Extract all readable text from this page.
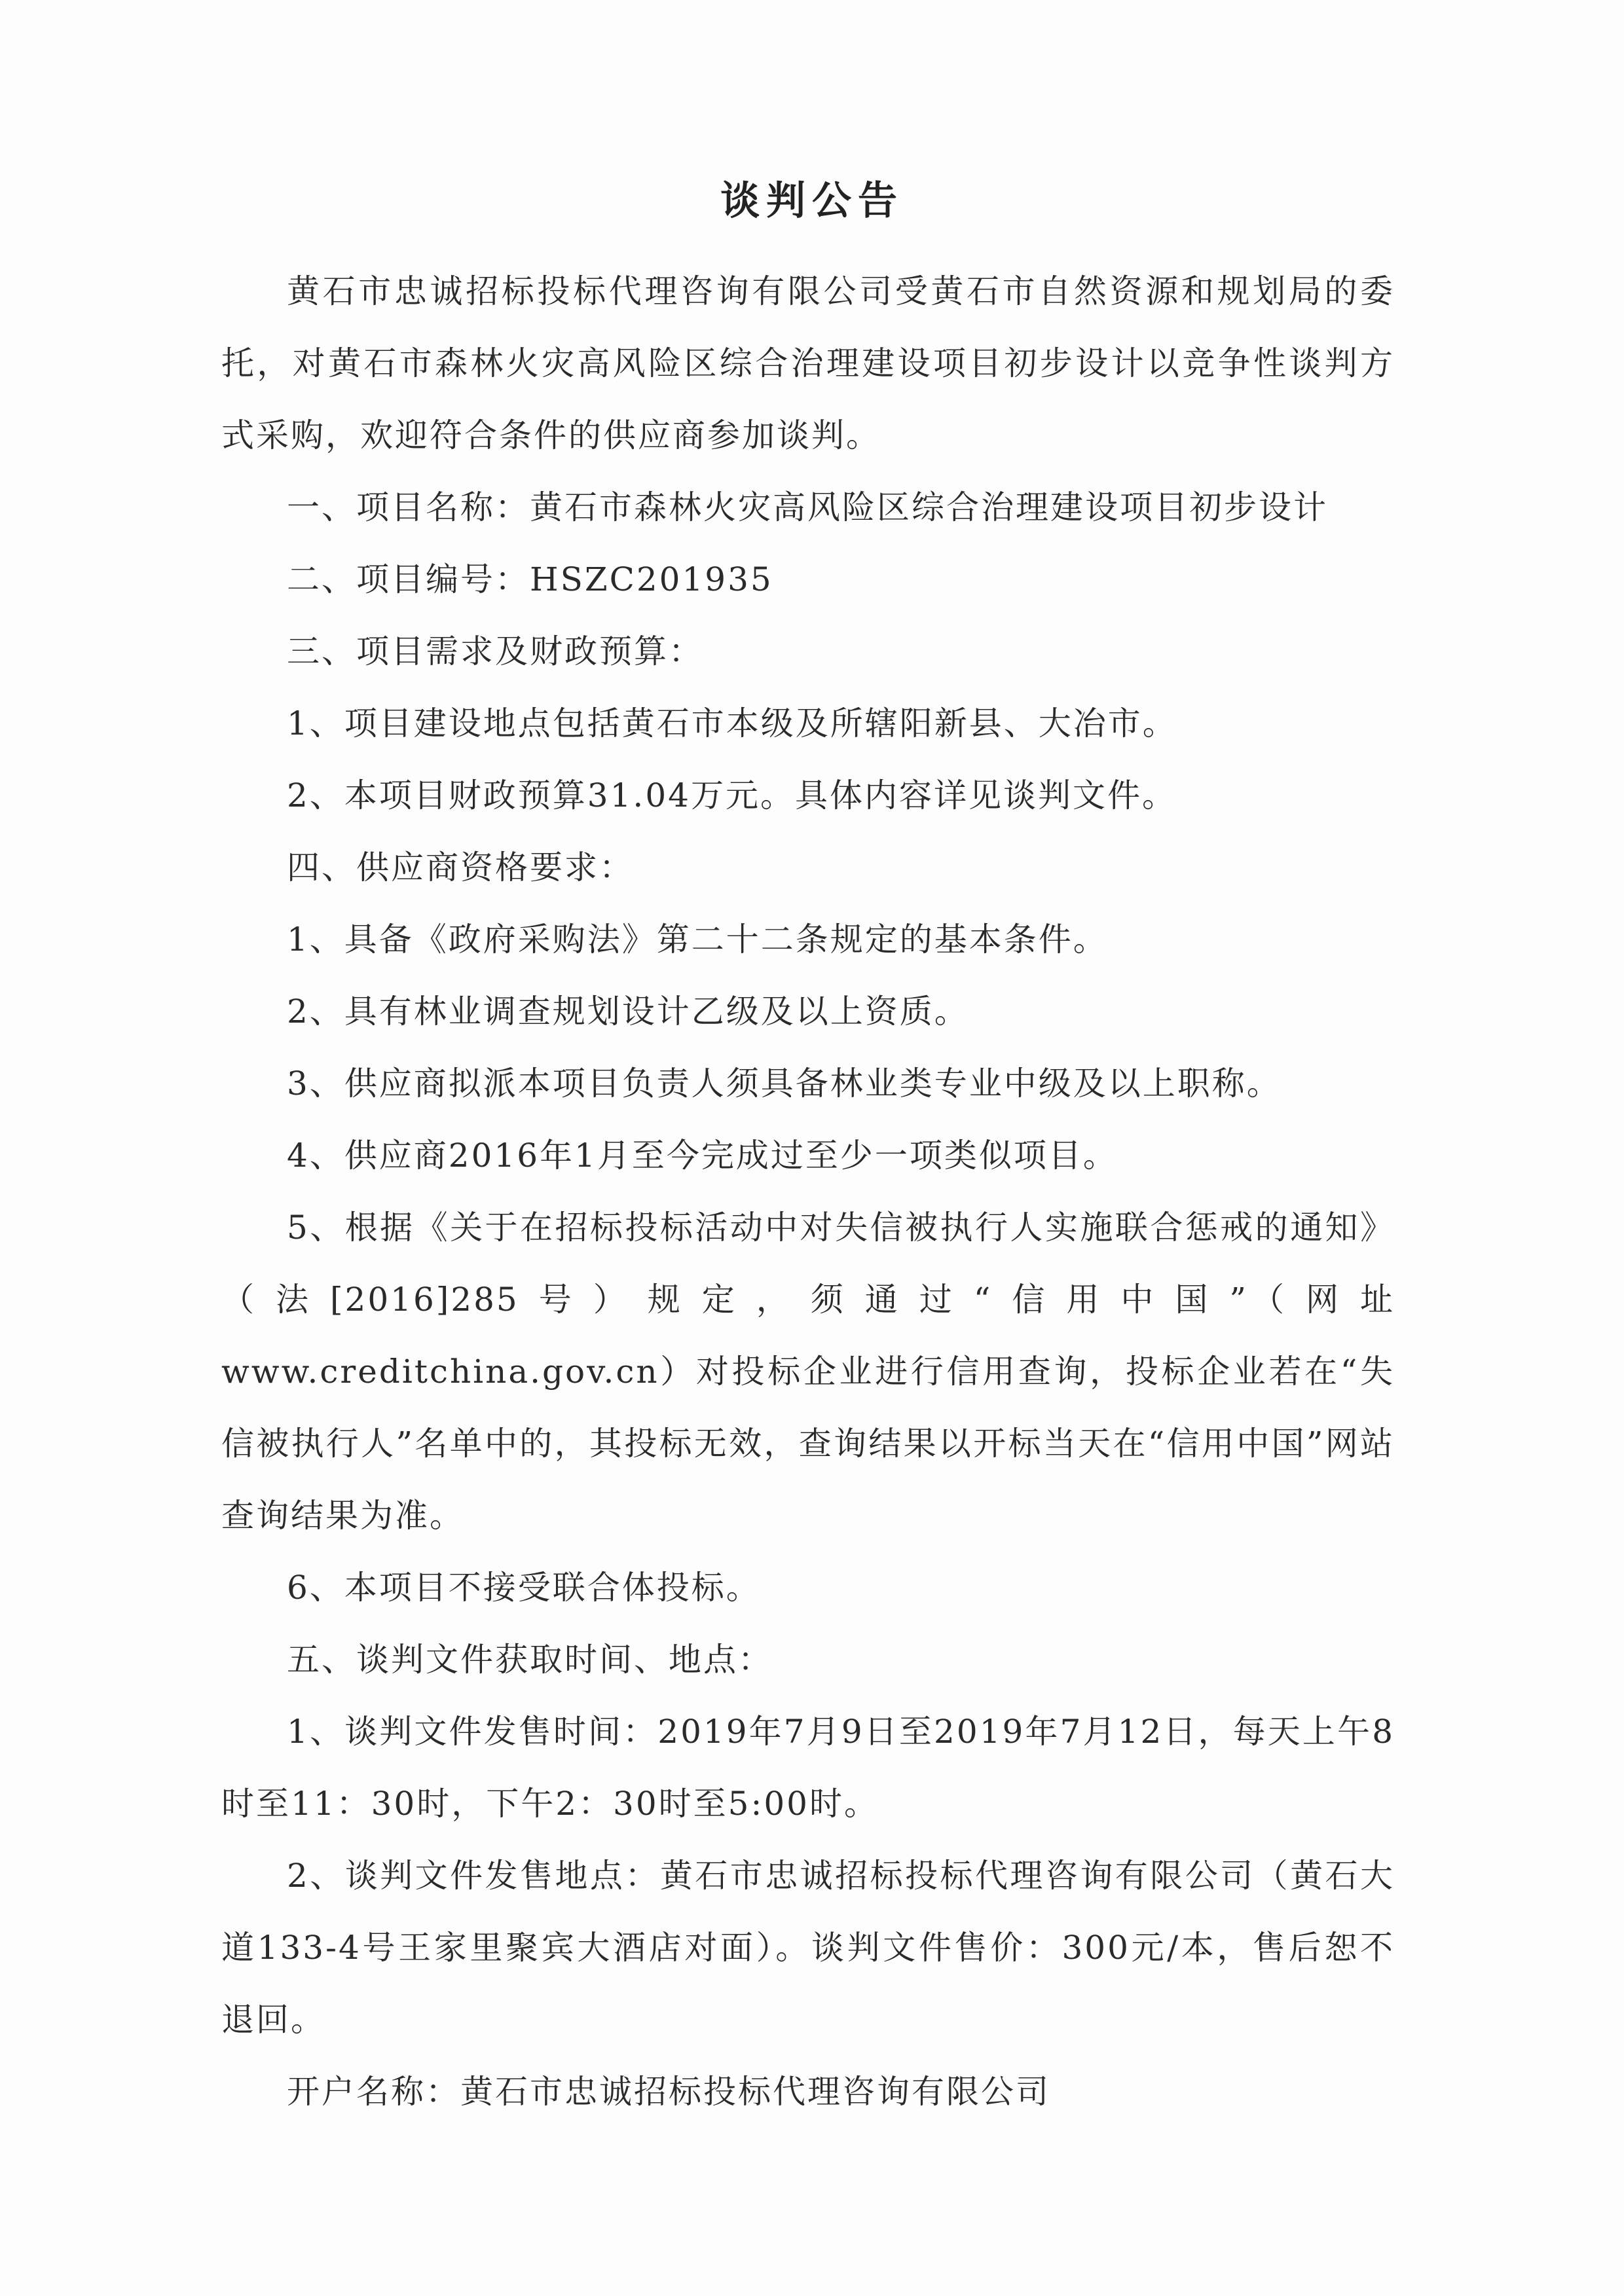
谈判公告

黄石市忠诚招标投标代理咨询有限公司受黄石市自然资源和规划局的委托，对黄石市森林火灾高风险区综合治理建设项目初步设计以竞争性谈判方式采购，欢迎符合条件的供应商参加谈判。

一、项目名称：黄石市森林火灾高风险区综合治理建设项目初步设计

二、项目编号：HSZC201935

三、项目需求及财政预算：

1、项目建设地点包括黄石市本级及所辖阳新县、大冶市。

2、本项目财政预算31.04万元。具体内容详见谈判文件。

四、供应商资格要求：

1、具备《政府采购法》第二十二条规定的基本条件。

2、具有林业调查规划设计乙级及以上资质。

3、供应商拟派本项目负责人须具备林业类专业中级及以上职称。

4、供应商2016年1月至今完成过至少一项类似项目。

5、根据《关于在招标投标活动中对失信被执行人实施联合惩戒的通知》（法[2016]285号）规定，须通过“信用中国”（网址www.creditchina.gov.cn）对投标企业进行信用查询，投标企业若在“失信被执行人”名单中的，其投标无效，查询结果以开标当天在“信用中国”网站查询结果为准。

6、本项目不接受联合体投标。

五、谈判文件获取时间、地点：

1、谈判文件发售时间：2019年7月9日至2019年7月12日，每天上午8时至11：30时，下午2：30时至5:00时。

2、谈判文件发售地点：黄石市忠诚招标投标代理咨询有限公司（黄石大道133-4号王家里聚宾大酒店对面）。谈判文件售价：300元/本，售后恕不退回。

开户名称：黄石市忠诚招标投标代理咨询有限公司
